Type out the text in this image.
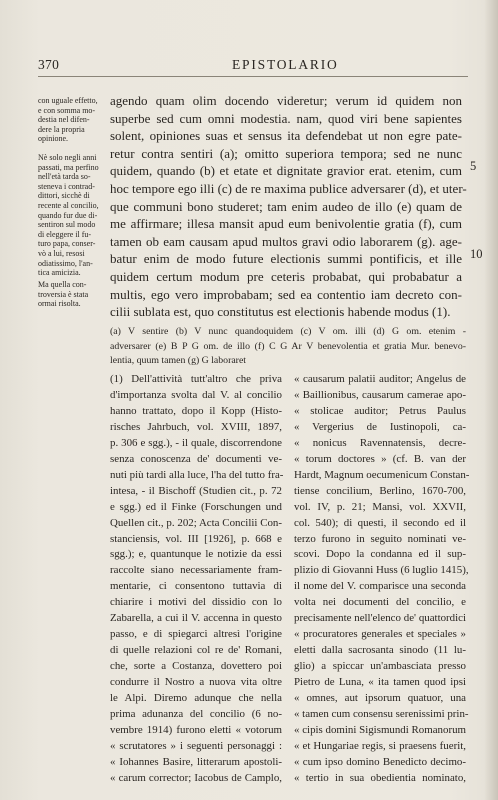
370	EPISTOLARIO
con uguale effetto,
e con somma mo-
destia nel difen-
dere la propria
opinione.
Nè solo negli anni
passati, ma perfino
nell'età tarda so-
steneva i contrad-
dittori, sicchè di
recente al concilio,
quando fur due di-
sentiron sul modo
di eleggere il fu-
turo papa, conser-
vò a lui, resosi
odiatissimo, l'an-
tica amicizia.
Ma quella con-
troversia è stata
ormai risolta.
agendo quam olim docendo videretur; verum id quidem non
superbe sed cum omni modestia. nam, quod viri bene sapientes
solent, opiniones suas et sensus ita defendebat ut non egre pate-
retur contra sentiri (a); omitto superiora tempora; sed ne nunc
quidem, quando (b) et etate et dignitate gravior erat. etenim, cum
hoc tempore ego illi (c) de re maxima publice adversarer (d), et uter-
que communi bono studeret; tam enim audeo de illo (e) quam de
me affirmare; illesa mansit apud eum benivolentie gratia (f), cum
tamen ob eam causam apud multos gravi odio laborarem (g). age-
batur enim de modo future electionis summi pontificis, et ille
quidem certum modum pre ceteris probabat, qui probabatur a
multis, ego vero improbabam; sed ea contentio iam decreto con-
cilii sublata est, quo constitutus est electionis habende modus (1).
5
10
(a) V sentire (b) V nunc quandoquidem (c) V om. illi (d) G om. etenim -
adversarer (e) B P G om. de illo (f) C G Ar V benevolentia et gratia Mur. benevo-
lentia, quum tamen (g) G laboraret
(1) Dell'attività tutt'altro che priva
d'importanza svolta dal V. al concilio
hanno trattato, dopo il Kopp (Histo-
risches Jahrbuch, vol. XVIII, 1897,
p. 306 e sgg.), - il quale, discorrendone
senza conoscenza de' documenti ve-
nuti più tardi alla luce, l'ha del tutto fra-
intesa, - il Bischoff (Studien cit., p. 72
e sgg.) ed il Finke (Forschungen und
Quellen cit., p. 202; Acta Concilii Con-
stanciensis, vol. III [1926], p. 668 e
sgg.); e, quantunque le notizie da essi
raccolte siano necessariamente fram-
mentarie, ci consentono tuttavia di
chiarire i motivi del dissidio con lo
Zabarella, a cui il V. accenna in questo
passo, e di spiegarci altresì l'origine
di quelle relazioni col re de' Romani,
che, sorte a Costanza, dovettero poi
condurre il Nostro a nuova vita oltre
le Alpi. Diremo adunque che nella
prima adunanza del concilio (6 no-
vembre 1914) furono eletti « votorum
« scrutatores » i seguenti personaggi :
« Iohannes Basire, litterarum apostoli-
« carum corrector; Iacobus de Camplo,
« causarum palatii auditor; Angelus de
« Baillionibus, causarum camerae apo-
« stolicae auditor; Petrus Paulus
« Vergerius de Iustinopoli, ca-
« nonicus Ravennatensis, decre-
« torum doctores » (cf. B. van der
Hardt, Magnum oecumenicum Constan-
tiense concilium, Berlino, 1670-700,
vol. IV, p. 21; Mansi, vol. XXVII,
col. 540); di questi, il secondo ed il
terzo furono in seguito nominati ve-
scovi. Dopo la condanna ed il sup-
plizio di Giovanni Huss (6 luglio 1415),
il nome del V. comparisce una seconda
volta nei documenti del concilio, e
precisamente nell'elenco de' quattordici
« procuratores generales et speciales »
eletti dalla sacrosanta sinodo (11 lu-
glio) a spiccar un'ambasciata presso
Pietro de Luna, « ita tamen quod ipsi
« omnes, aut ipsorum quatuor, una
« tamen cum consensu serenissimi prin-
« cipis domini Sigismundi Romanorum
« et Hungariae regis, si praesens fuerit,
« cum ipso domino Benedicto decimo-
« tertio in sua obedientia nominato,
